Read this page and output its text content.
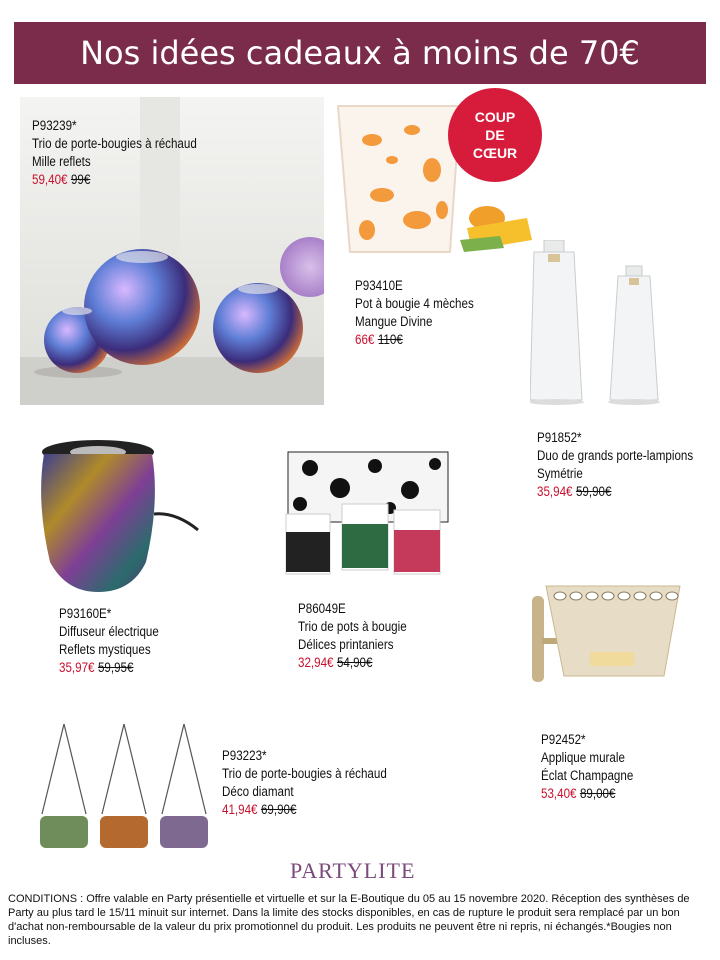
Nos idées cadeaux à moins de 70€
COUP
DE
CŒUR
P93239*
Trio de porte-bougies à réchaud
Mille reflets
59,40€ 99€
P93410E
Pot à bougie 4 mèches
Mangue Divine
66€ 110€
P91852*
Duo de grands porte-lampions
Symétrie
35,94€ 59,90€
P93160E*
Diffuseur électrique
Reflets mystiques
35,97€ 59,95€
P86049E
Trio de pots à bougie
Délices printaniers
32,94€ 54,90€
P92452*
Applique murale
Éclat Champagne
53,40€ 89,00€
P93223*
Trio de porte-bougies à réchaud
Déco diamant
41,94€ 69,90€
PARTYLITE
CONDITIONS : Offre valable en Party présentielle et virtuelle et sur la E-Boutique du 05 au 15 novembre 2020. Réception des synthèses de Party au plus tard le 15/11 minuit sur internet. Dans la limite des stocks disponibles, en cas de rupture le produit sera remplacé par un bon d'achat non-remboursable de la valeur du prix promotionnel du produit. Les produits ne peuvent être ni repris, ni échangés.*Bougies non incluses.
